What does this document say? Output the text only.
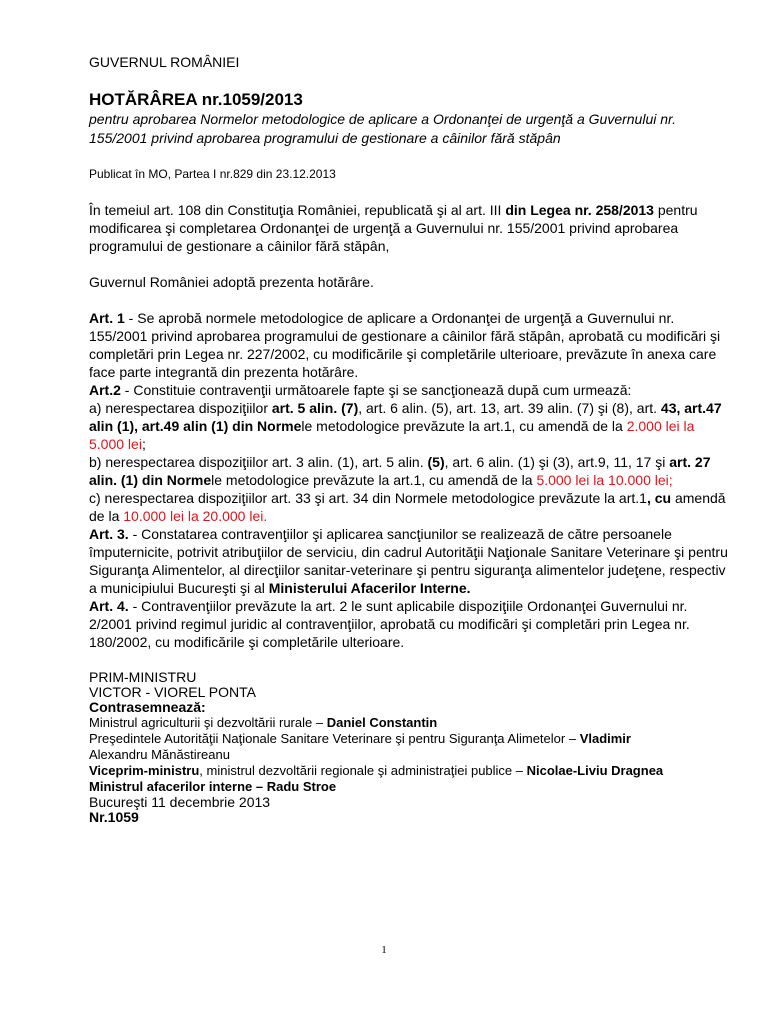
GUVERNUL ROMÂNIEI

HOTĂRÂREA nr.1059/2013

pentru aprobarea Normelor metodologice de aplicare a Ordonanţei de urgenţă a Guvernului nr. 155/2001 privind aprobarea programului de gestionare a câinilor fără stăpân

Publicat în MO, Partea I nr.829 din 23.12.2013

În temeiul art. 108 din Constituţia României, republicată şi al art. III din Legea nr. 258/2013 pentru modificarea şi completarea Ordonanţei de urgenţă a Guvernului nr. 155/2001 privind aprobarea programului de gestionare a câinilor fără stăpân,

Guvernul României adoptă prezenta hotărâre.

Art. 1 - Se aprobă normele metodologice de aplicare a Ordonanţei de urgenţă a Guvernului nr. 155/2001 privind aprobarea programului de gestionare a câinilor fără stăpân, aprobată cu modificări şi completări prin Legea nr. 227/2002, cu modificările şi completările ulterioare, prevăzute în anexa care face parte integrantă din prezenta hotărâre.

Art.2 - Constituie contravenţii următoarele fapte şi se sancţionează după cum urmează:

a) nerespectarea dispoziţiilor art. 5 alin. (7), art. 6 alin. (5), art. 13, art. 39 alin. (7) şi (8), art. 43, art.47 alin (1), art.49 alin (1) din Normele metodologice prevăzute la art.1, cu amendă de la 2.000 lei la 5.000 lei;

b) nerespectarea dispoziţiilor art. 3 alin. (1), art. 5 alin. (5), art. 6 alin. (1) şi (3), art.9, 11, 17 şi art. 27 alin. (1) din Normele metodologice prevăzute la art.1, cu amendă de la 5.000 lei la 10.000 lei;

c) nerespectarea dispoziţiilor art. 33 şi art. 34 din Normele metodologice prevăzute la art.1, cu amendă de la 10.000 lei la 20.000 lei.

Art. 3. - Constatarea contravenţiilor şi aplicarea sancţiunilor se realizează de către persoanele împuternicite, potrivit atribuţiilor de serviciu, din cadrul Autorităţii Naţionale Sanitare Veterinare şi pentru Siguranţa Alimentelor, al direcţiilor sanitar-veterinare şi pentru siguranţa alimentelor judeţene, respectiv a municipiului Bucureşti şi al Ministerului Afacerilor Interne.

Art. 4. - Contravenţiilor prevăzute la art. 2 le sunt aplicabile dispoziţiile Ordonanţei Guvernului nr. 2/2001 privind regimul juridic al contravenţiilor, aprobată cu modificări şi completări prin Legea nr. 180/2002, cu modificările şi completările ulterioare.

PRIM-MINISTRU

VICTOR - VIOREL PONTA

Contrasemnează:

Ministrul agriculturii şi dezvoltării rurale – Daniel Constantin

Preşedintele Autorităţii Naţionale Sanitare Veterinare şi pentru Siguranţa Alimetelor – Vladimir

Alexandru Mănăstireanu

Viceprim-ministru, ministrul dezvoltării regionale şi administraţiei publice – Nicolae-Liviu Dragnea

Ministrul afacerilor interne – Radu Stroe

Bucureşti 11 decembrie 2013

Nr.1059

1
